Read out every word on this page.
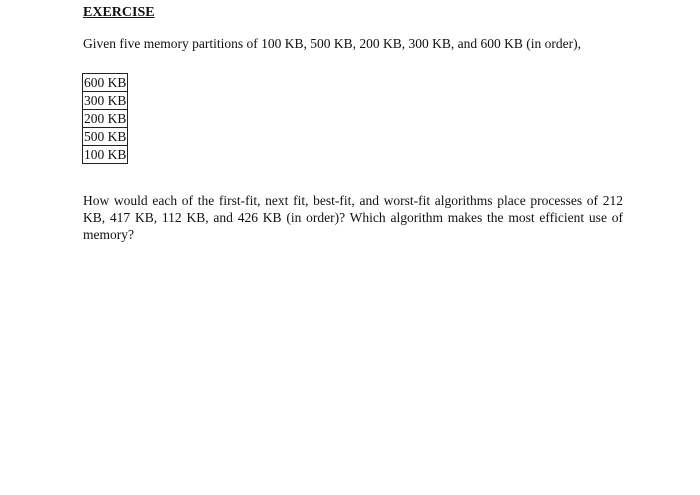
EXERCISE
Given five memory partitions of 100 KB, 500 KB, 200 KB, 300 KB, and 600 KB (in order),
600 KB
300 KB
200 KB
500 KB
100 KB
How would each of the first-fit, next fit, best-fit, and worst-fit algorithms place processes of 212 KB, 417 KB, 112 KB, and 426 KB (in order)? Which algorithm makes the most efficient use of memory?
